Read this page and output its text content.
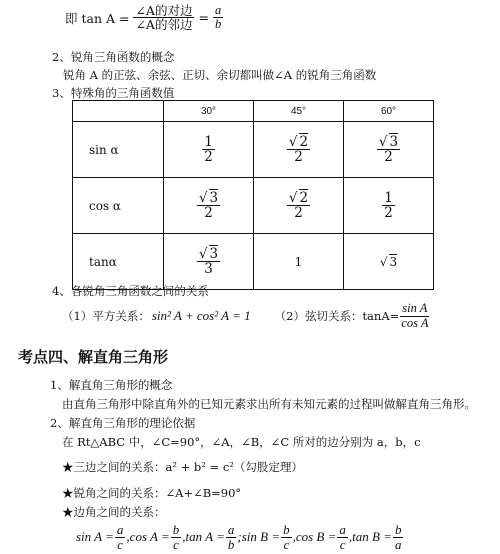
即 $\tan A = \frac{\text{∠A的对边}}{\text{∠A的邻边}} = \frac{a}{b}$
2、锐角三角函数的概念
锐角 A 的正弦、余弦、正切、余切都叫做∠A 的锐角三角函数
3、特殊角的三角函数值
	30°	45°	60°
sin α	$\frac{1}{2}$	$\frac{√ 2}{2}$	$\frac{√ 3}{2}$

cos α	$\frac{√ 3}{2}$	$\frac{√ 2}{2}$	$\frac{1}{2}$

tanα	$\frac{√ 3}{3}$	1	√ 3
4、各锐角三角函数之间的关系
（1）平方关系： sin² A + cos² A = 1 （2）弦切关系：$\tan A= \frac{\text{sin A}}{\text{cos A}}$
考点四、解直角三角形
1、解直角三角形的概念
由直角三角形中除直角外的已知元素求出所有未知元素的过程叫做解直角三角形。
2、解直角三角形的理论依据
在 Rt△ABC 中，∠C=90°，∠A，∠B，∠C 所对的边分别为 a，b，c
★三边之间的关系：a² + b² = c²（勾股定理）
★锐角之间的关系：∠A+∠B=90°
★边角之间的关系：
$\sin A = \frac{a}{c}$ , $\cos A = \frac{b}{c}$ , $\tan A = \frac{a}{b}$ ; $\sin B = \frac{b}{c}$ , $\cos B = \frac{a}{c}$ , $\tan B = \frac{b}{a}$
